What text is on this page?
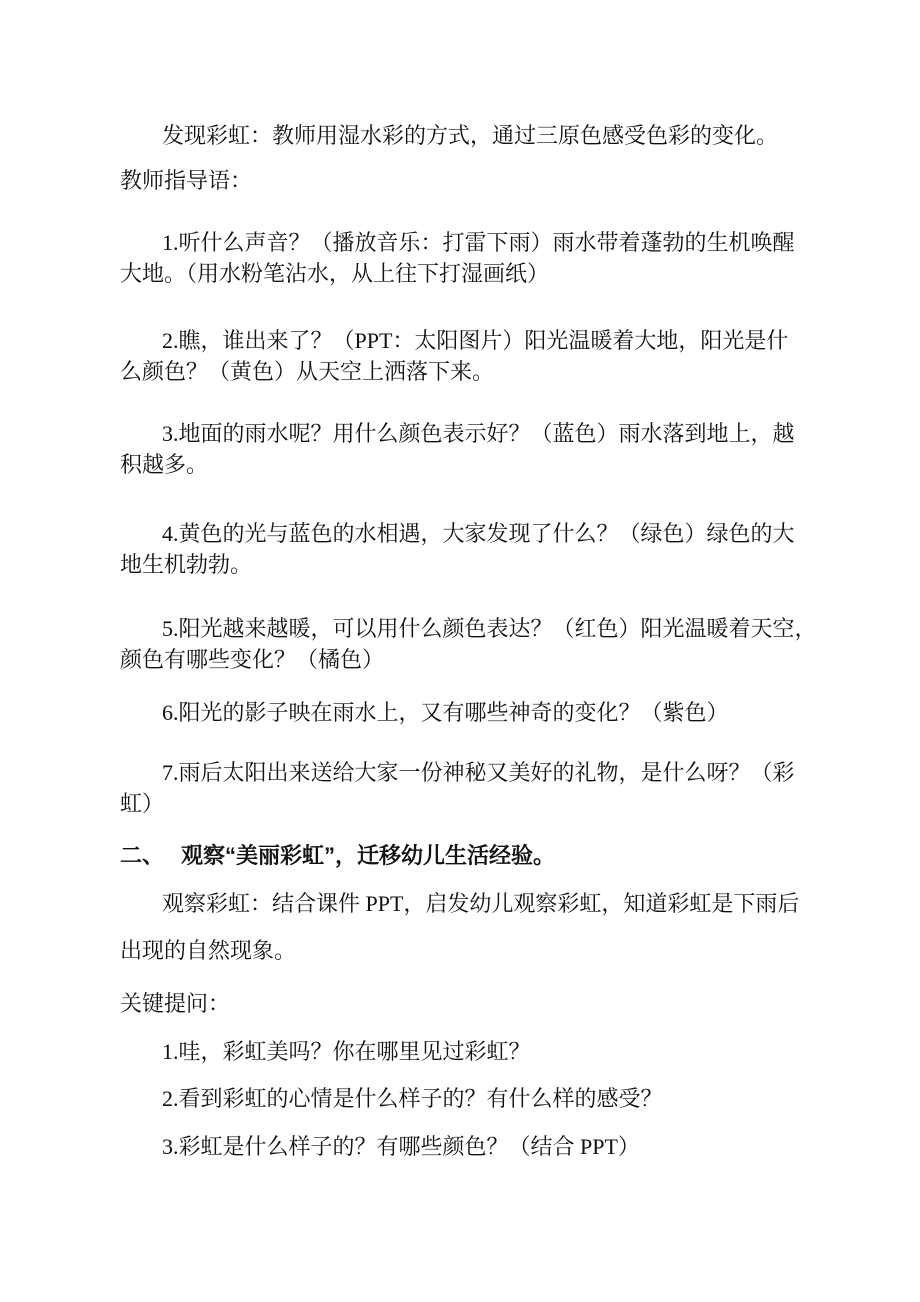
发现彩虹：教师用湿水彩的方式，通过三原色感受色彩的变化。

教师指导语：

1.听什么声音？（播放音乐：打雷下雨）雨水带着蓬勃的生机唤醒大地。（用水粉笔沾水，从上往下打湿画纸）

2.瞧，谁出来了？（PPT：太阳图片）阳光温暖着大地，阳光是什么颜色？（黄色）从天空上洒落下来。

3.地面的雨水呢？用什么颜色表示好？（蓝色）雨水落到地上，越积越多。

4.黄色的光与蓝色的水相遇，大家发现了什么？（绿色）绿色的大地生机勃勃。

5.阳光越来越暖，可以用什么颜色表达？（红色）阳光温暖着天空，颜色有哪些变化？（橘色）

6.阳光的影子映在雨水上，又有哪些神奇的变化？（紫色）

7.雨后太阳出来送给大家一份神秘又美好的礼物，是什么呀？（彩虹）

二、 观察“美丽彩虹”，迁移幼儿生活经验。

观察彩虹：结合课件 PPT，启发幼儿观察彩虹，知道彩虹是下雨后出现的自然现象。

关键提问：

1.哇，彩虹美吗？你在哪里见过彩虹？

2.看到彩虹的心情是什么样子的？有什么样的感受？

3.彩虹是什么样子的？有哪些颜色？（结合 PPT）
